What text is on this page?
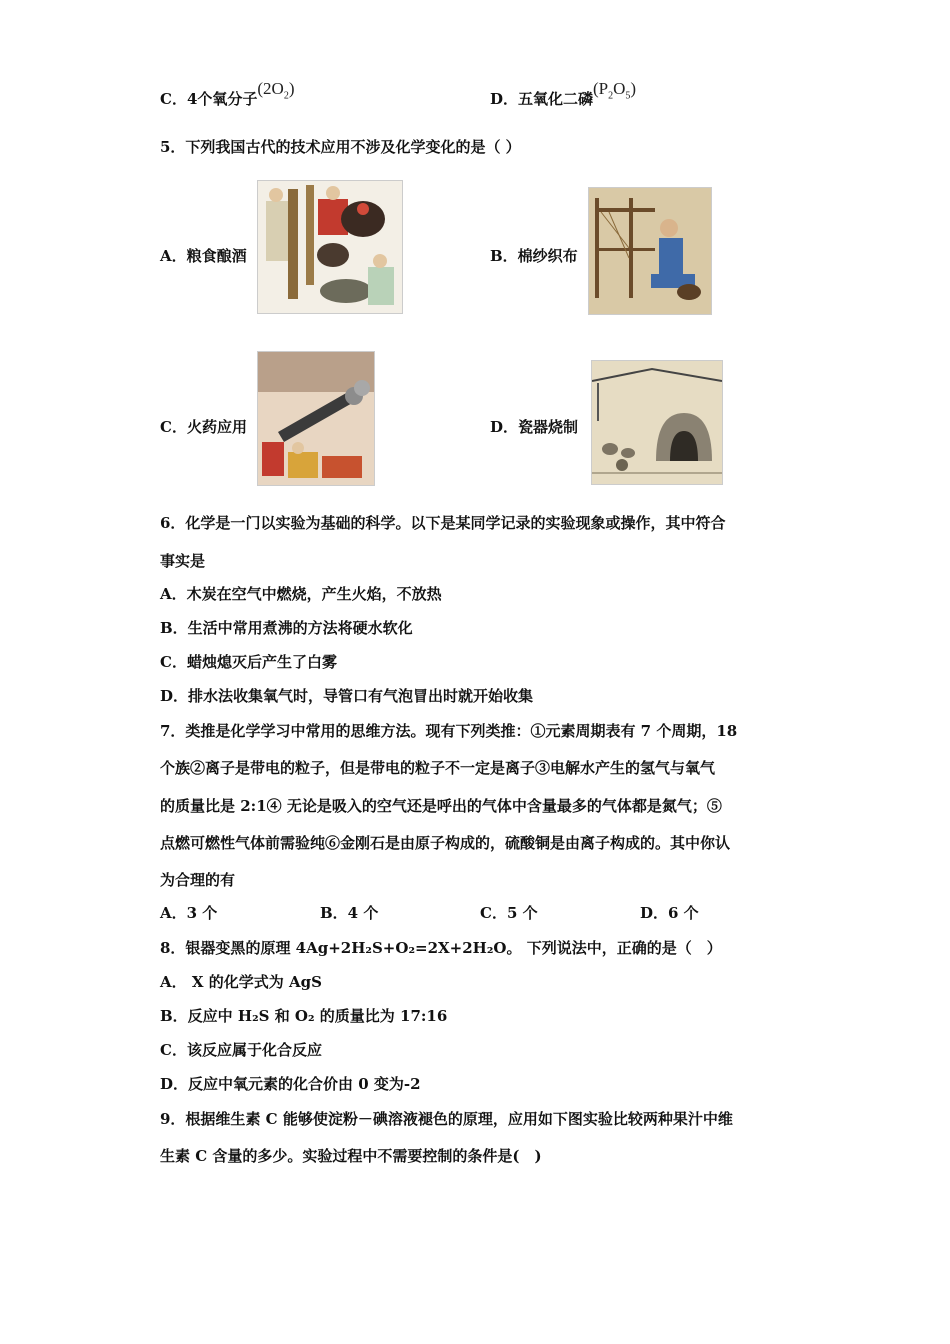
C．4个氧分子$(2O_2)$
D．五氧化二磷$(P_2O_5)$
5．下列我国古代的技术应用不涉及化学变化的是（ ）
A．粮食酿酒	B．棉纱织布
C．火药应用	D．瓷器烧制
6．化学是一门以实验为基础的科学。以下是某同学记录的实验现象或操作，其中符合
事实是
A．木炭在空气中燃烧，产生火焰，不放热
B．生活中常用煮沸的方法将硬水软化
C．蜡烛熄灭后产生了白雾
D．排水法收集氧气时，导管口有气泡冒出时就开始收集
7．类推是化学学习中常用的思维方法。现有下列类推：①元素周期表有 7 个周期，18
个族②离子是带电的粒子，但是带电的粒子不一定是离子③电解水产生的氢气与氧气
的质量比是 2:1④ 无论是吸入的空气还是呼出的气体中含量最多的气体都是氮气；⑤
点燃可燃性气体前需验纯⑥金刚石是由原子构成的，硫酸铜是由离子构成的。其中你认
为合理的有
A．3 个	B．4 个	C．5 个	D．6 个
8．银器变黑的原理 4Ag+2H₂S+O₂=2X+2H₂O。 下列说法中，正确的是（　）
A． X 的化学式为 AgS
B．反应中 H₂S 和 O₂ 的质量比为 17:16
C．该反应属于化合反应
D．反应中氧元素的化合价由 0 变为-2
9．根据维生素 C 能够使淀粉－碘溶液褪色的原理，应用如下图实验比较两种果汁中维
生素 C 含量的多少。实验过程中不需要控制的条件是(　)
